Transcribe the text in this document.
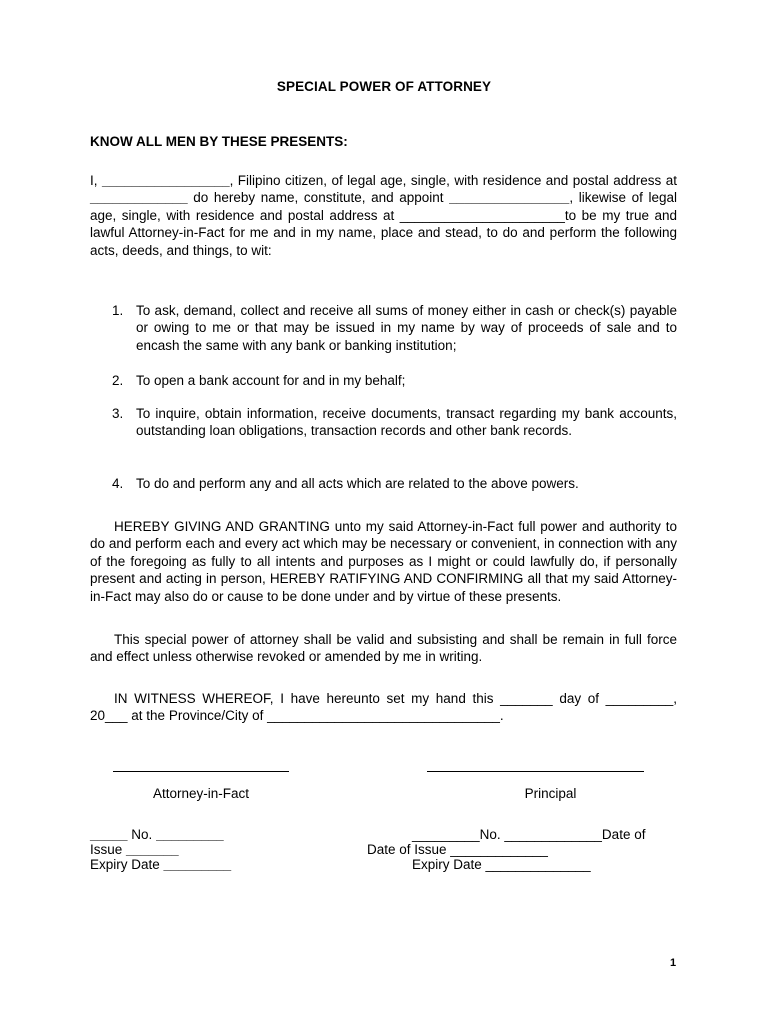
SPECIAL POWER OF ATTORNEY
KNOW ALL MEN BY THESE PRESENTS:
I, _________________, Filipino citizen, of legal age, single, with residence and postal address at _____________ do hereby name, constitute, and appoint ________________, likewise of legal age, single, with residence and postal address at ______________________to be my true and lawful Attorney-in-Fact for me and in my name, place and stead, to do and perform the following acts, deeds, and things, to wit:
1. To ask, demand, collect and receive all sums of money either in cash or check(s) payable or owing to me or that may be issued in my name by way of proceeds of sale and to encash the same with any bank or banking institution;
2. To open a bank account for and in my behalf;
3. To inquire, obtain information, receive documents, transact regarding my bank accounts, outstanding loan obligations, transaction records and other bank records.
4. To do and perform any and all acts which are related to the above powers.
HEREBY GIVING AND GRANTING unto my said Attorney-in-Fact full power and authority to do and perform each and every act which may be necessary or convenient, in connection with any of the foregoing as fully to all intents and purposes as I might or could lawfully do, if personally present and acting in person, HEREBY RATIFYING AND CONFIRMING all that my said Attorney-in-Fact may also do or cause to be done under and by virtue of these presents.
This special power of attorney shall be valid and subsisting and shall be remain in full force and effect unless otherwise revoked or amended by me in writing.
IN WITNESS WHEREOF, I have hereunto set my hand this _______ day of _________, 20___ at the Province/City of _______________________________.
Attorney-in-Fact	Principal
_____ No. _________
Issue _______
Expiry Date _________
_________No. _____________Date of
Date of Issue _____________
Expiry Date ______________
1
